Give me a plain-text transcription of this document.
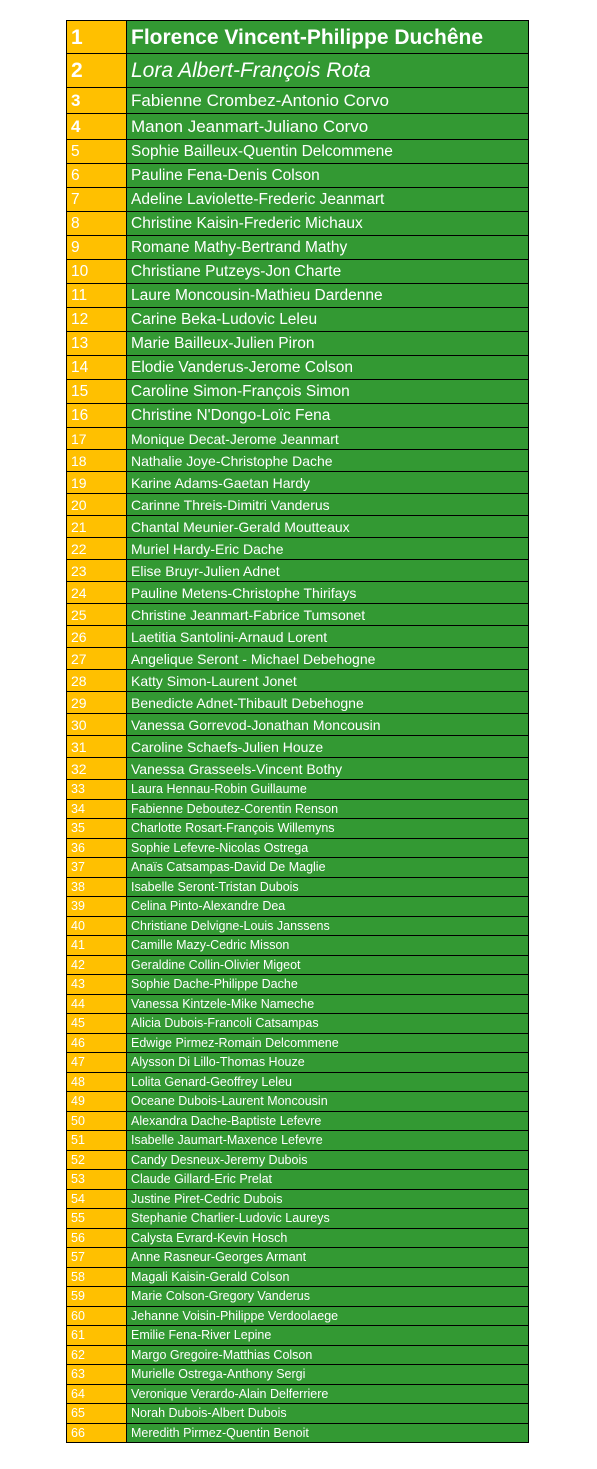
1	Florence Vincent-Philippe Duchêne
2	Lora Albert-François Rota
3	Fabienne Crombez-Antonio Corvo
4	Manon Jeanmart-Juliano Corvo
5	Sophie Bailleux-Quentin Delcommene
6	Pauline Fena-Denis Colson
7	Adeline Laviolette-Frederic Jeanmart
8	Christine Kaisin-Frederic Michaux
9	Romane Mathy-Bertrand Mathy
10	Christiane Putzeys-Jon Charte
11	Laure Moncousin-Mathieu Dardenne
12	Carine Beka-Ludovic Leleu
13	Marie Bailleux-Julien Piron
14	Elodie Vanderus-Jerome Colson
15	Caroline Simon-François Simon
16	Christine N'Dongo-Loïc Fena
17	Monique Decat-Jerome Jeanmart
18	Nathalie Joye-Christophe Dache
19	Karine Adams-Gaetan Hardy
20	Carinne Threis-Dimitri Vanderus
21	Chantal Meunier-Gerald Moutteaux
22	Muriel Hardy-Eric Dache
23	Elise Bruyr-Julien Adnet
24	Pauline Metens-Christophe Thirifays
25	Christine Jeanmart-Fabrice Tumsonet
26	Laetitia Santolini-Arnaud Lorent
27	Angelique Seront - Michael Debehogne
28	Katty Simon-Laurent Jonet
29	Benedicte Adnet-Thibault Debehogne
30	Vanessa Gorrevod-Jonathan Moncousin
31	Caroline Schaefs-Julien Houze
32	Vanessa Grasseels-Vincent Bothy
33	Laura Hennau-Robin Guillaume
34	Fabienne Deboutez-Corentin Renson
35	Charlotte Rosart-François Willemyns
36	Sophie Lefevre-Nicolas Ostrega
37	Anaïs Catsampas-David De Maglie
38	Isabelle Seront-Tristan Dubois
39	Celina Pinto-Alexandre Dea
40	Christiane Delvigne-Louis Janssens
41	Camille Mazy-Cedric Misson
42	Geraldine Collin-Olivier Migeot
43	Sophie Dache-Philippe Dache
44	Vanessa Kintzele-Mike Nameche
45	Alicia Dubois-Francoli Catsampas
46	Edwige Pirmez-Romain Delcommene
47	Alysson Di Lillo-Thomas Houze
48	Lolita Genard-Geoffrey Leleu
49	Oceane Dubois-Laurent Moncousin
50	Alexandra Dache-Baptiste Lefevre
51	Isabelle Jaumart-Maxence Lefevre
52	Candy Desneux-Jeremy Dubois
53	Claude Gillard-Eric Prelat
54	Justine Piret-Cedric Dubois
55	Stephanie Charlier-Ludovic Laureys
56	Calysta Evrard-Kevin Hosch
57	Anne Rasneur-Georges Armant
58	Magali Kaisin-Gerald Colson
59	Marie Colson-Gregory Vanderus
60	Jehanne Voisin-Philippe Verdoolaege
61	Emilie Fena-River Lepine
62	Margo Gregoire-Matthias Colson
63	Murielle Ostrega-Anthony Sergi
64	Veronique Verardo-Alain Delferriere
65	Norah Dubois-Albert Dubois
66	Meredith Pirmez-Quentin Benoit
